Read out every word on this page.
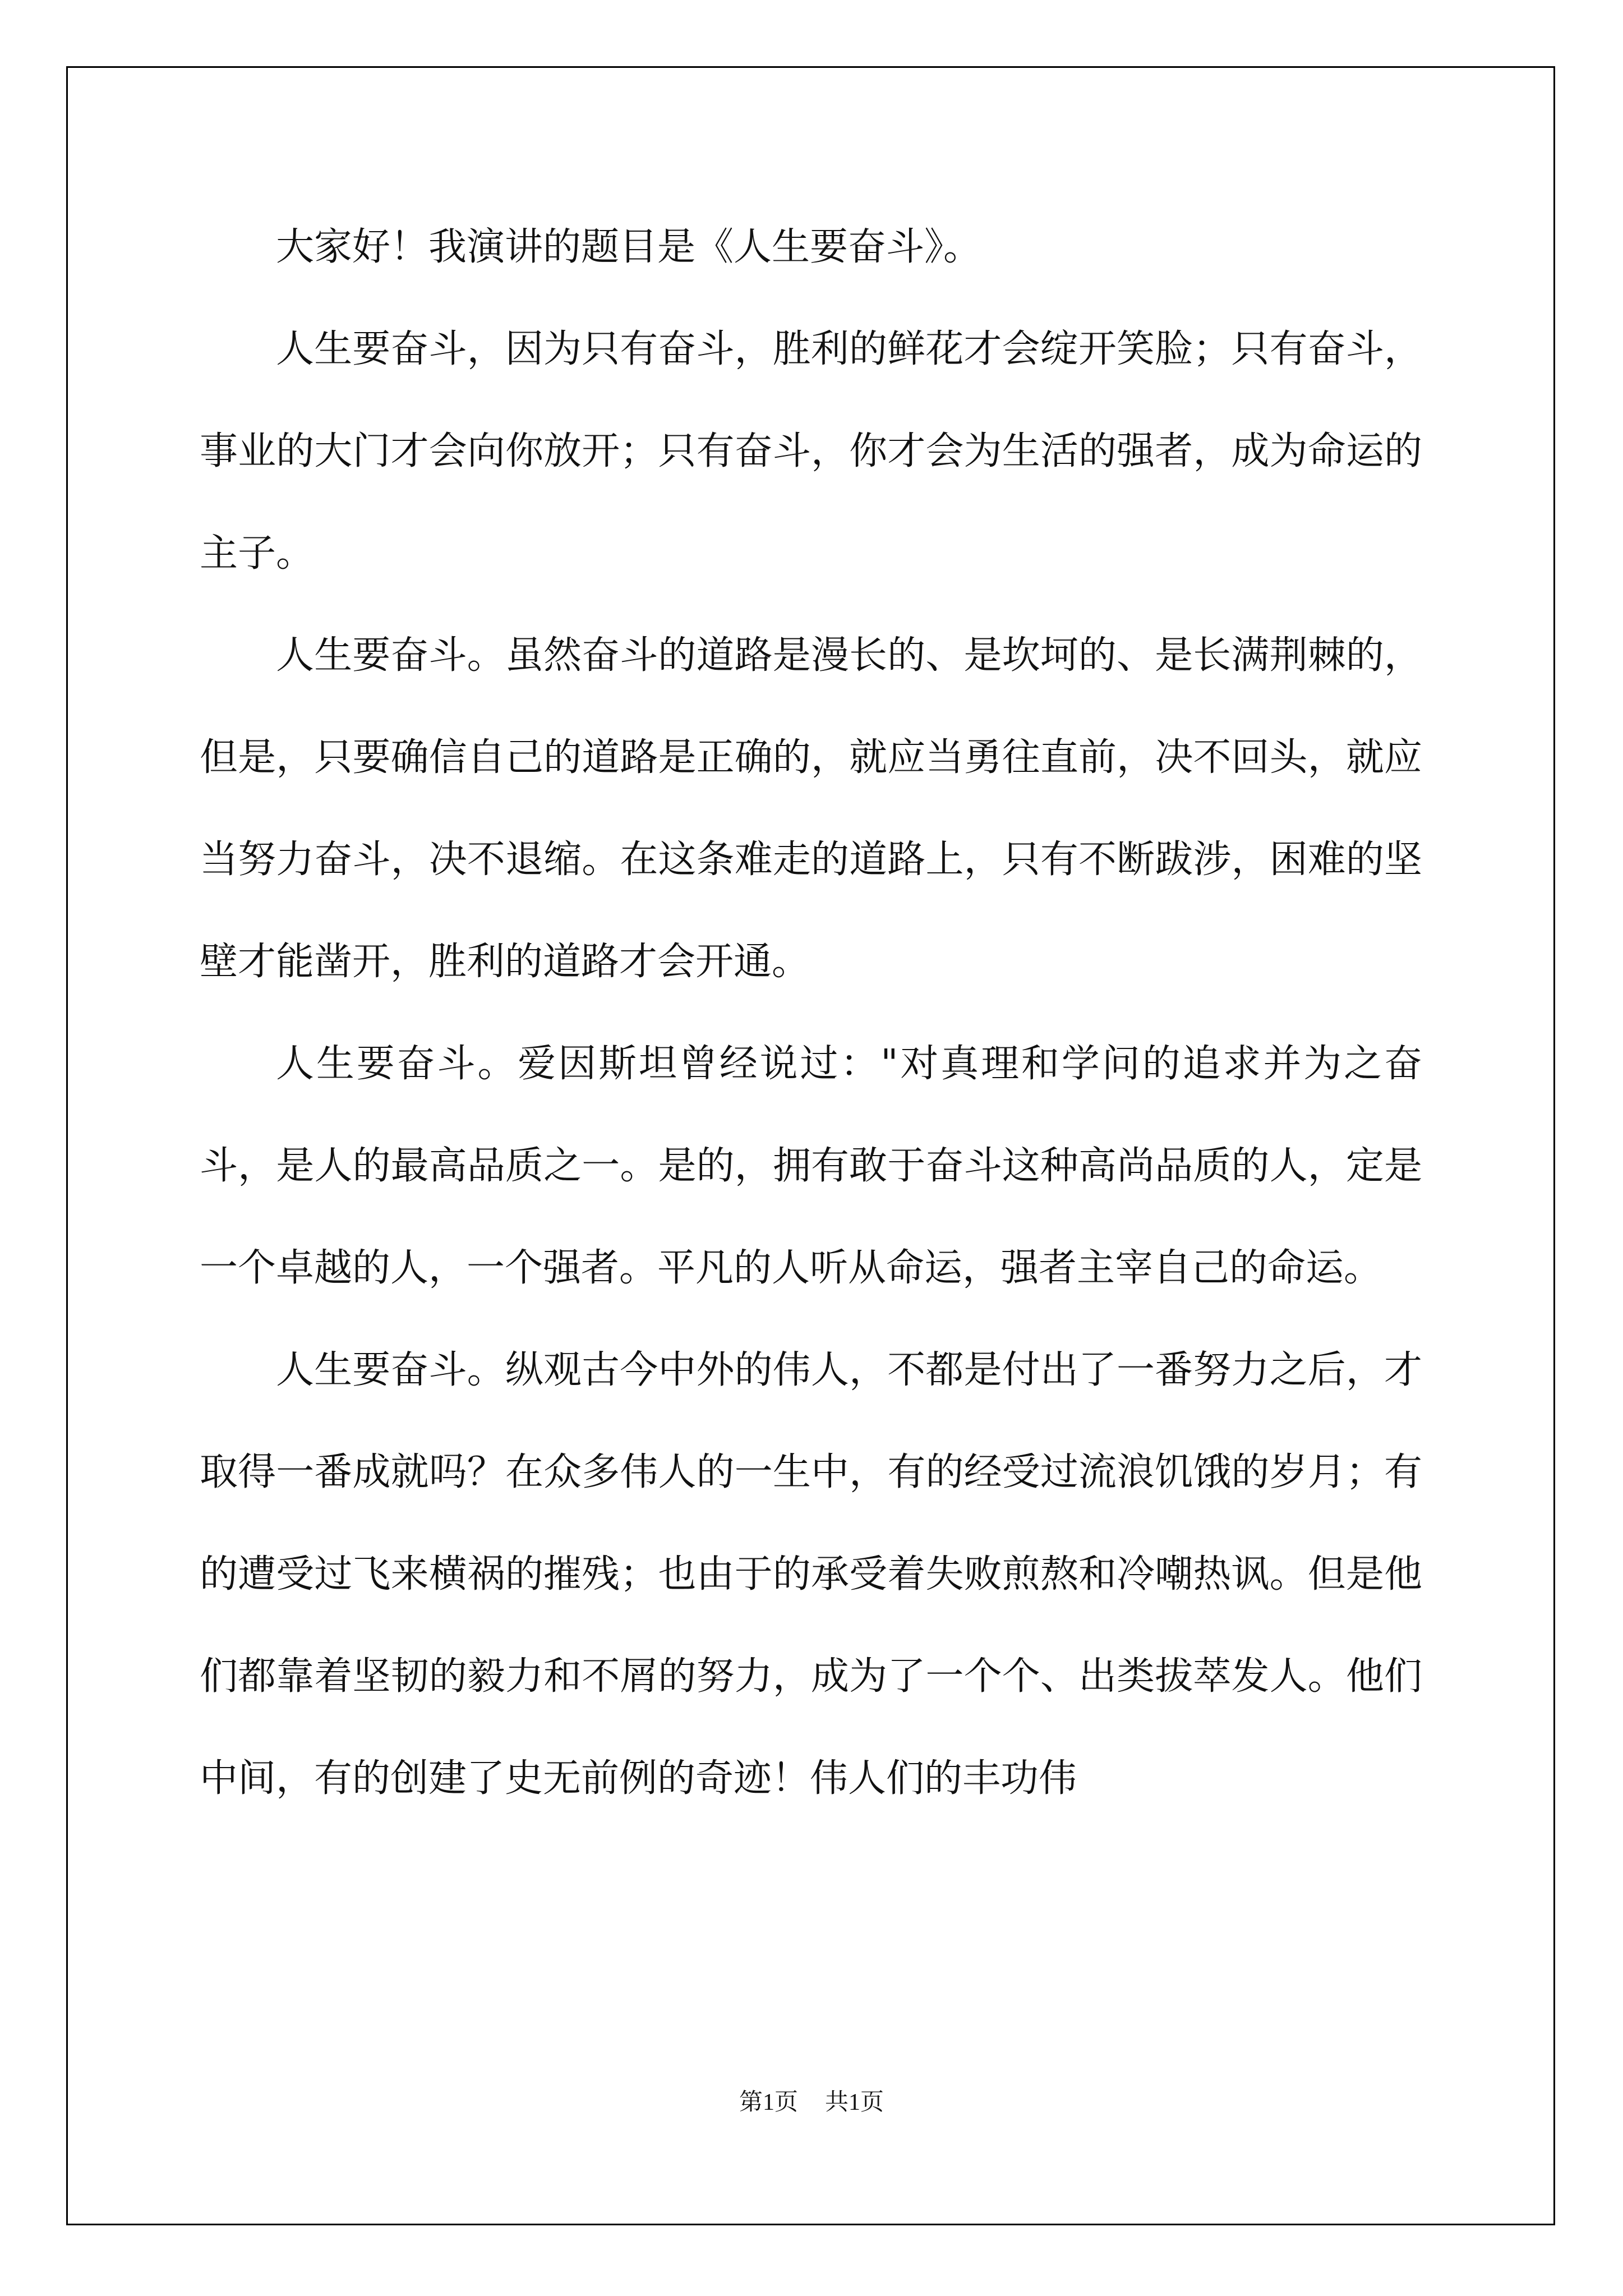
大家好！我演讲的题目是《人生要奋斗》。

人生要奋斗，因为只有奋斗，胜利的鲜花才会绽开笑脸；只有奋斗，事业的大门才会向你放开；只有奋斗，你才会为生活的强者，成为命运的主子。

人生要奋斗。虽然奋斗的道路是漫长的、是坎坷的、是长满荆棘的，但是，只要确信自己的道路是正确的，就应当勇往直前，决不回头，就应当努力奋斗，决不退缩。在这条难走的道路上，只有不断跋涉，困难的坚壁才能凿开，胜利的道路才会开通。

人生要奋斗。爱因斯坦曾经说过："对真理和学问的追求并为之奋斗，是人的最高品质之一。是的，拥有敢于奋斗这种高尚品质的人，定是一个卓越的人，一个强者。平凡的人听从命运，强者主宰自己的命运。

人生要奋斗。纵观古今中外的伟人，不都是付出了一番努力之后，才取得一番成就吗？在众多伟人的一生中，有的经受过流浪饥饿的岁月；有的遭受过飞来横祸的摧残；也由于的承受着失败煎熬和冷嘲热讽。但是他们都靠着坚韧的毅力和不屑的努力，成为了一个个、出类拔萃发人。他们中间，有的创建了史无前例的奇迹！伟人们的丰功伟

第1页 共1页
